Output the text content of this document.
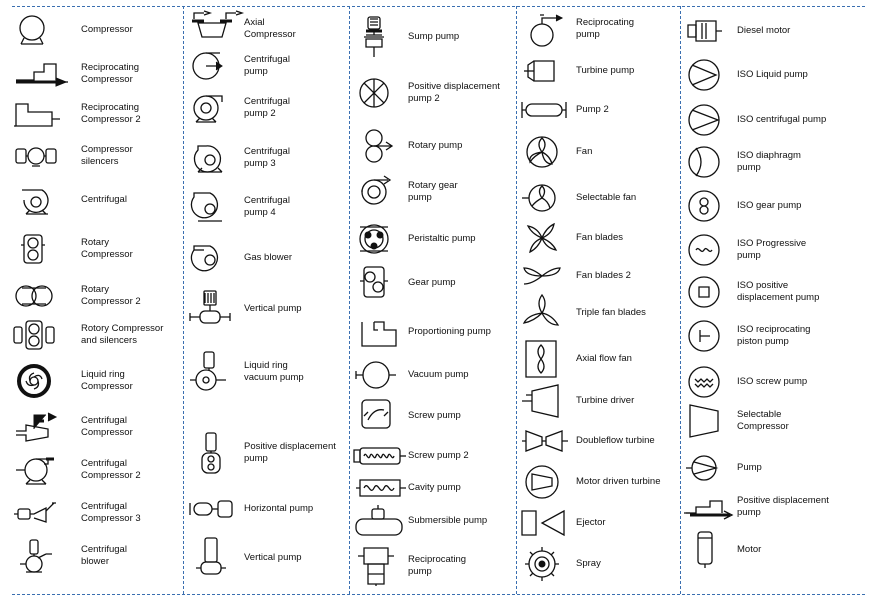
Compressor
Reciprocating
Compressor
Reciprocating
Compressor 2
Compressor
silencers
Centrifugal
Rotary
Compressor
Rotary
Compressor 2
Rotory Compressor
and silencers
Liquid ring
Compressor
Centrifugal
Compressor
Centrifugal
Compressor 2
Centrifugal
Compressor 3
Centrifugal
blower
Axial
Compressor
Centrifugal
pump
Centrifugal
pump 2
Centrifugal
pump 3
Centrifugal
pump 4
Gas blower
Vertical pump
Liquid ring
vacuum pump
Positive displacement
pump
Horizontal pump
Vertical pump
Sump pump
Positive displacement
pump 2
Rotary pump
Rotary gear
pump
Peristaltic pump
Gear pump
Proportioning pump
Vacuum pump
Screw pump
Screw pump 2
Cavity pump
Submersible pump
Reciprocating
pump
Reciprocating
pump
Turbine pump
Pump 2
Fan
Selectable fan
Fan blades
Fan blades 2
Triple fan blades
Axial flow fan
Turbine driver
Doubleflow turbine
Motor driven turbine
Ejector
Spray
Diesel motor
ISO Liquid pump
ISO centrifugal pump
ISO diaphragm
pump
ISO gear pump
ISO Progressive
pump
ISO positive
displacement pump
ISO reciprocating
piston pump
ISO screw pump
Selectable
Compressor
Pump
Positive displacement
pump
Motor
